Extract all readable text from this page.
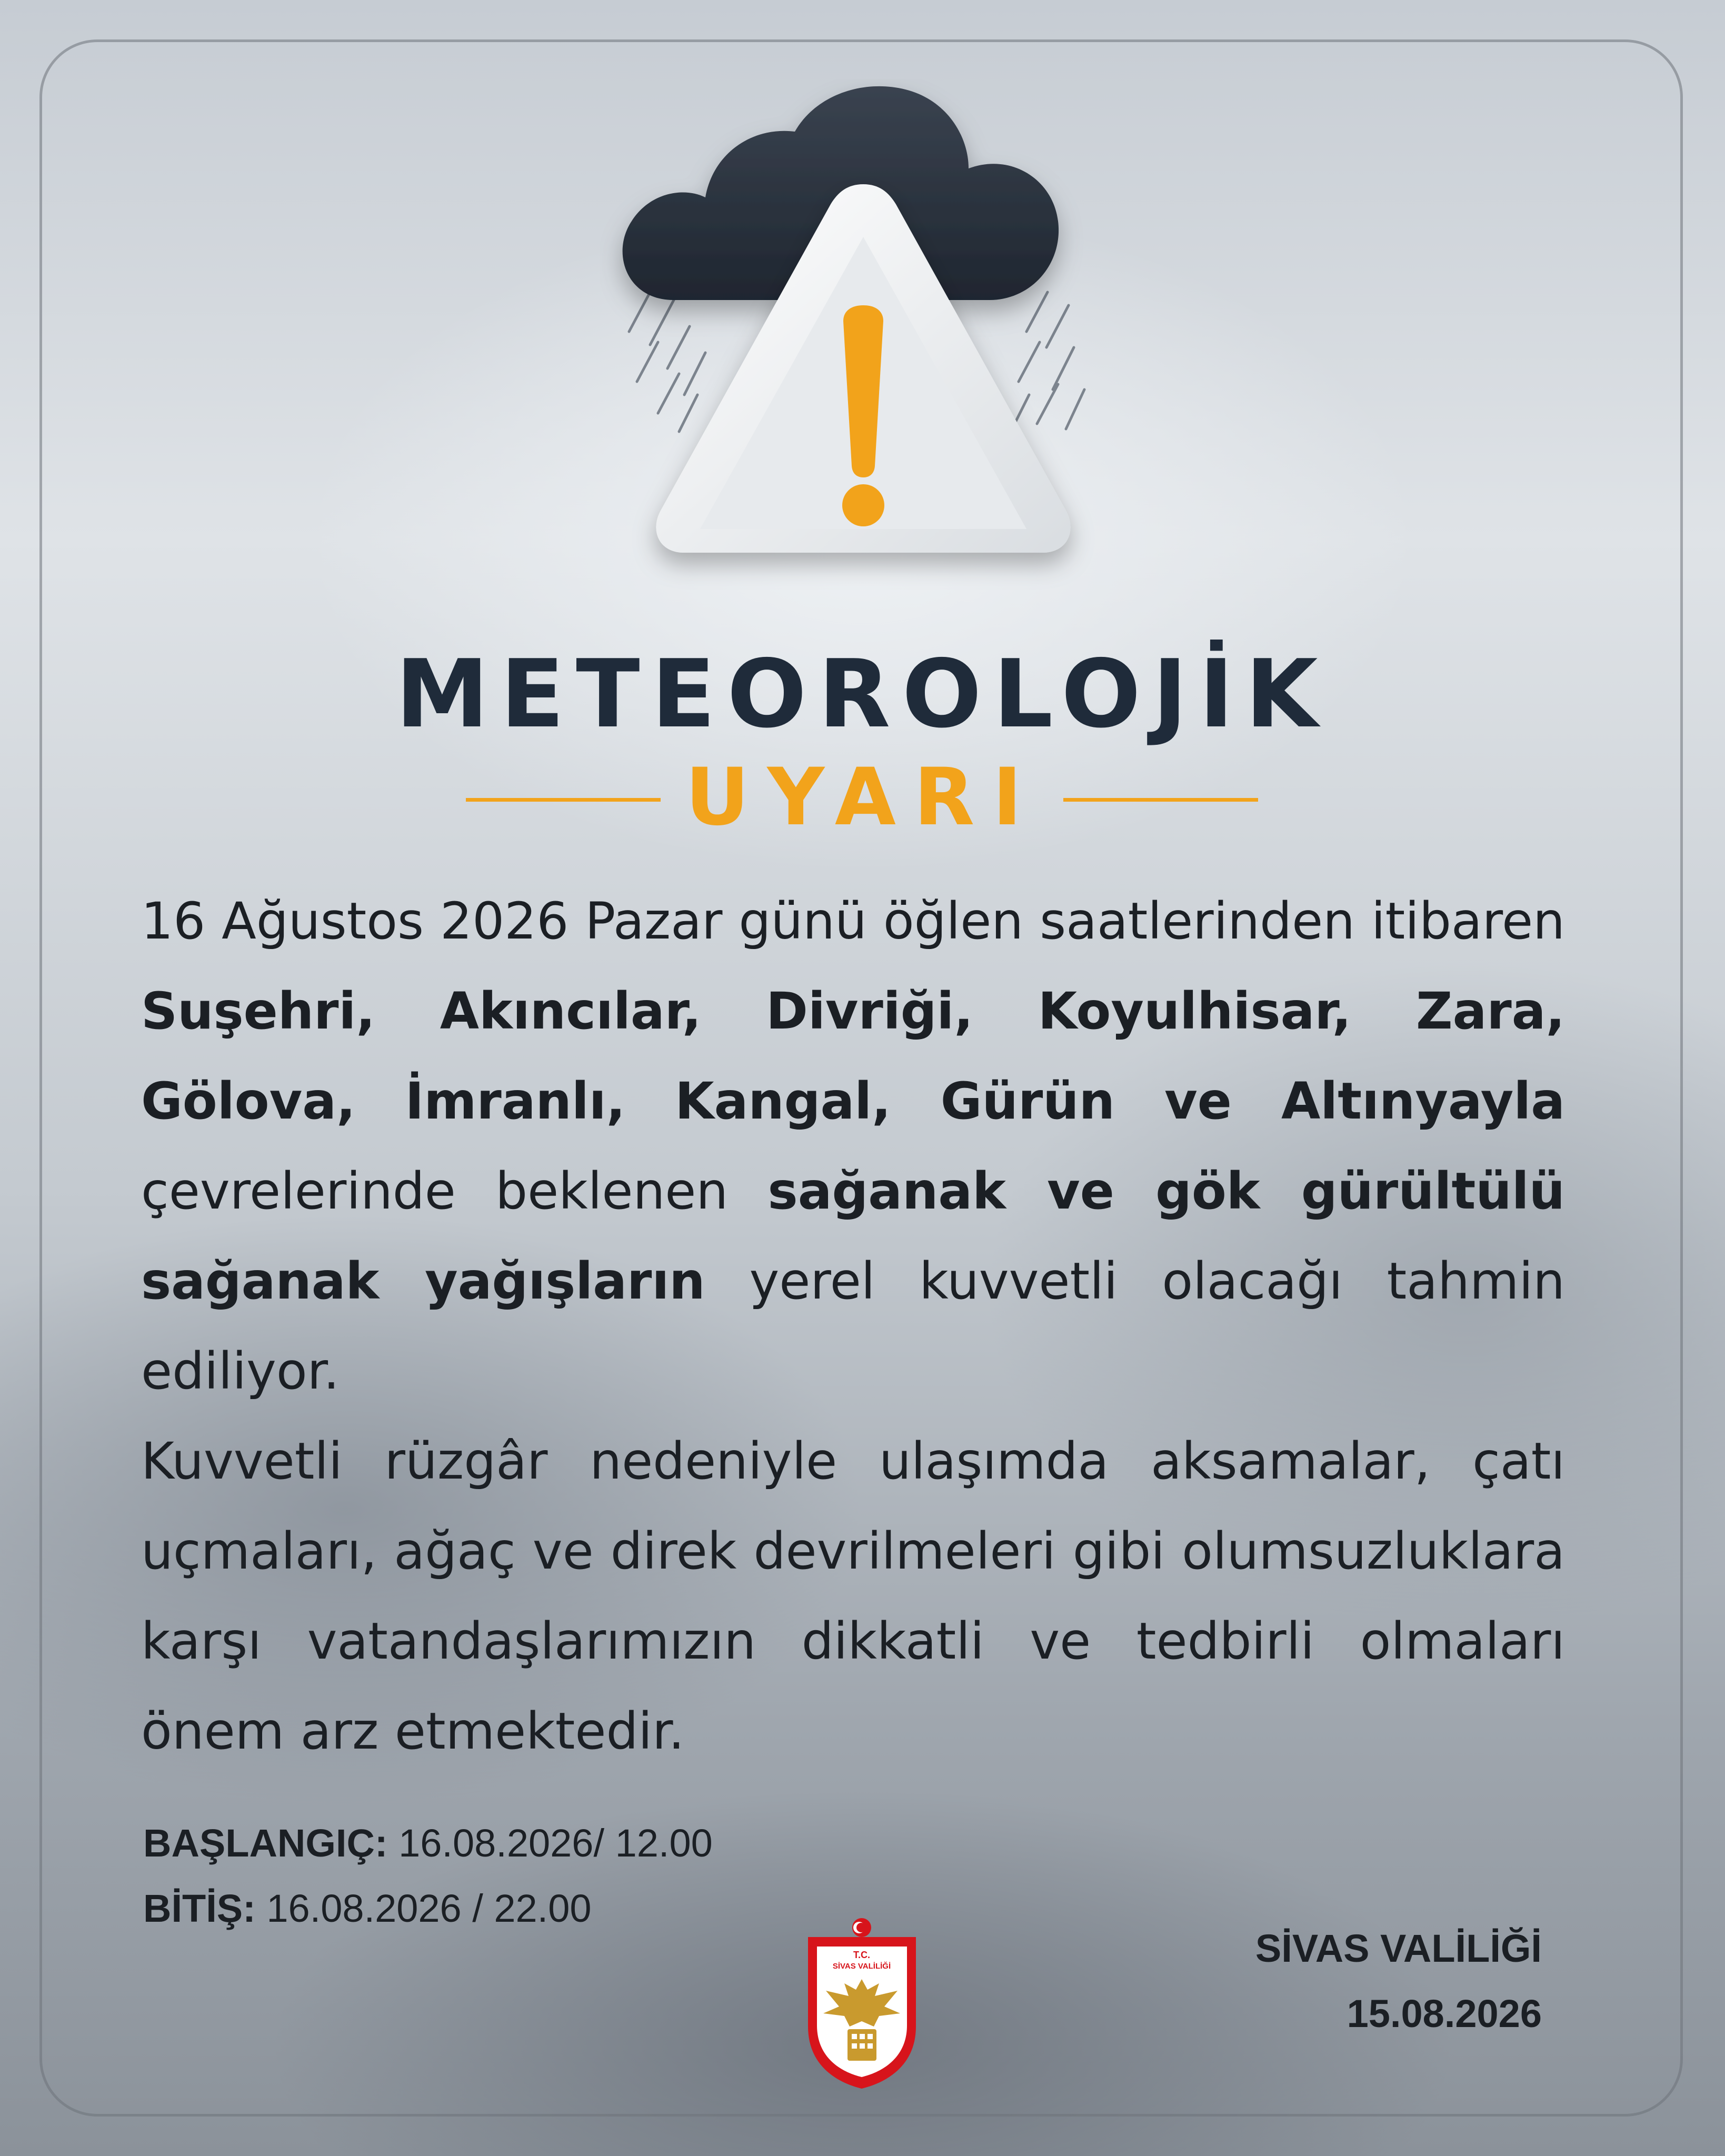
METEOROLOJİK
UYARI

16 Ağustos 2026 Pazar günü öğlen saatlerinden itibaren Suşehri, Akıncılar, Divriği, Koyulhisar, Zara, Gölova, İmranlı, Kangal, Gürün ve Altınyayla çevrelerinde beklenen sağanak ve gök gürültülü sağanak yağışların yerel kuvvetli olacağı tahmin ediliyor.

Kuvvetli rüzgâr nedeniyle ulaşımda aksamalar, çatı uçmaları, ağaç ve direk devrilmeleri gibi olumsuzluklara karşı vatandaşlarımızın dikkatli ve tedbirli olmaları önem arz etmektedir.

BAŞLANGIÇ: 16.08.2026/ 12.00
BİTİŞ: 16.08.2026 / 22.00
T.C.
SİVAS VALİLİĞİ	SİVAS VALİLİĞİ
15.08.2026
